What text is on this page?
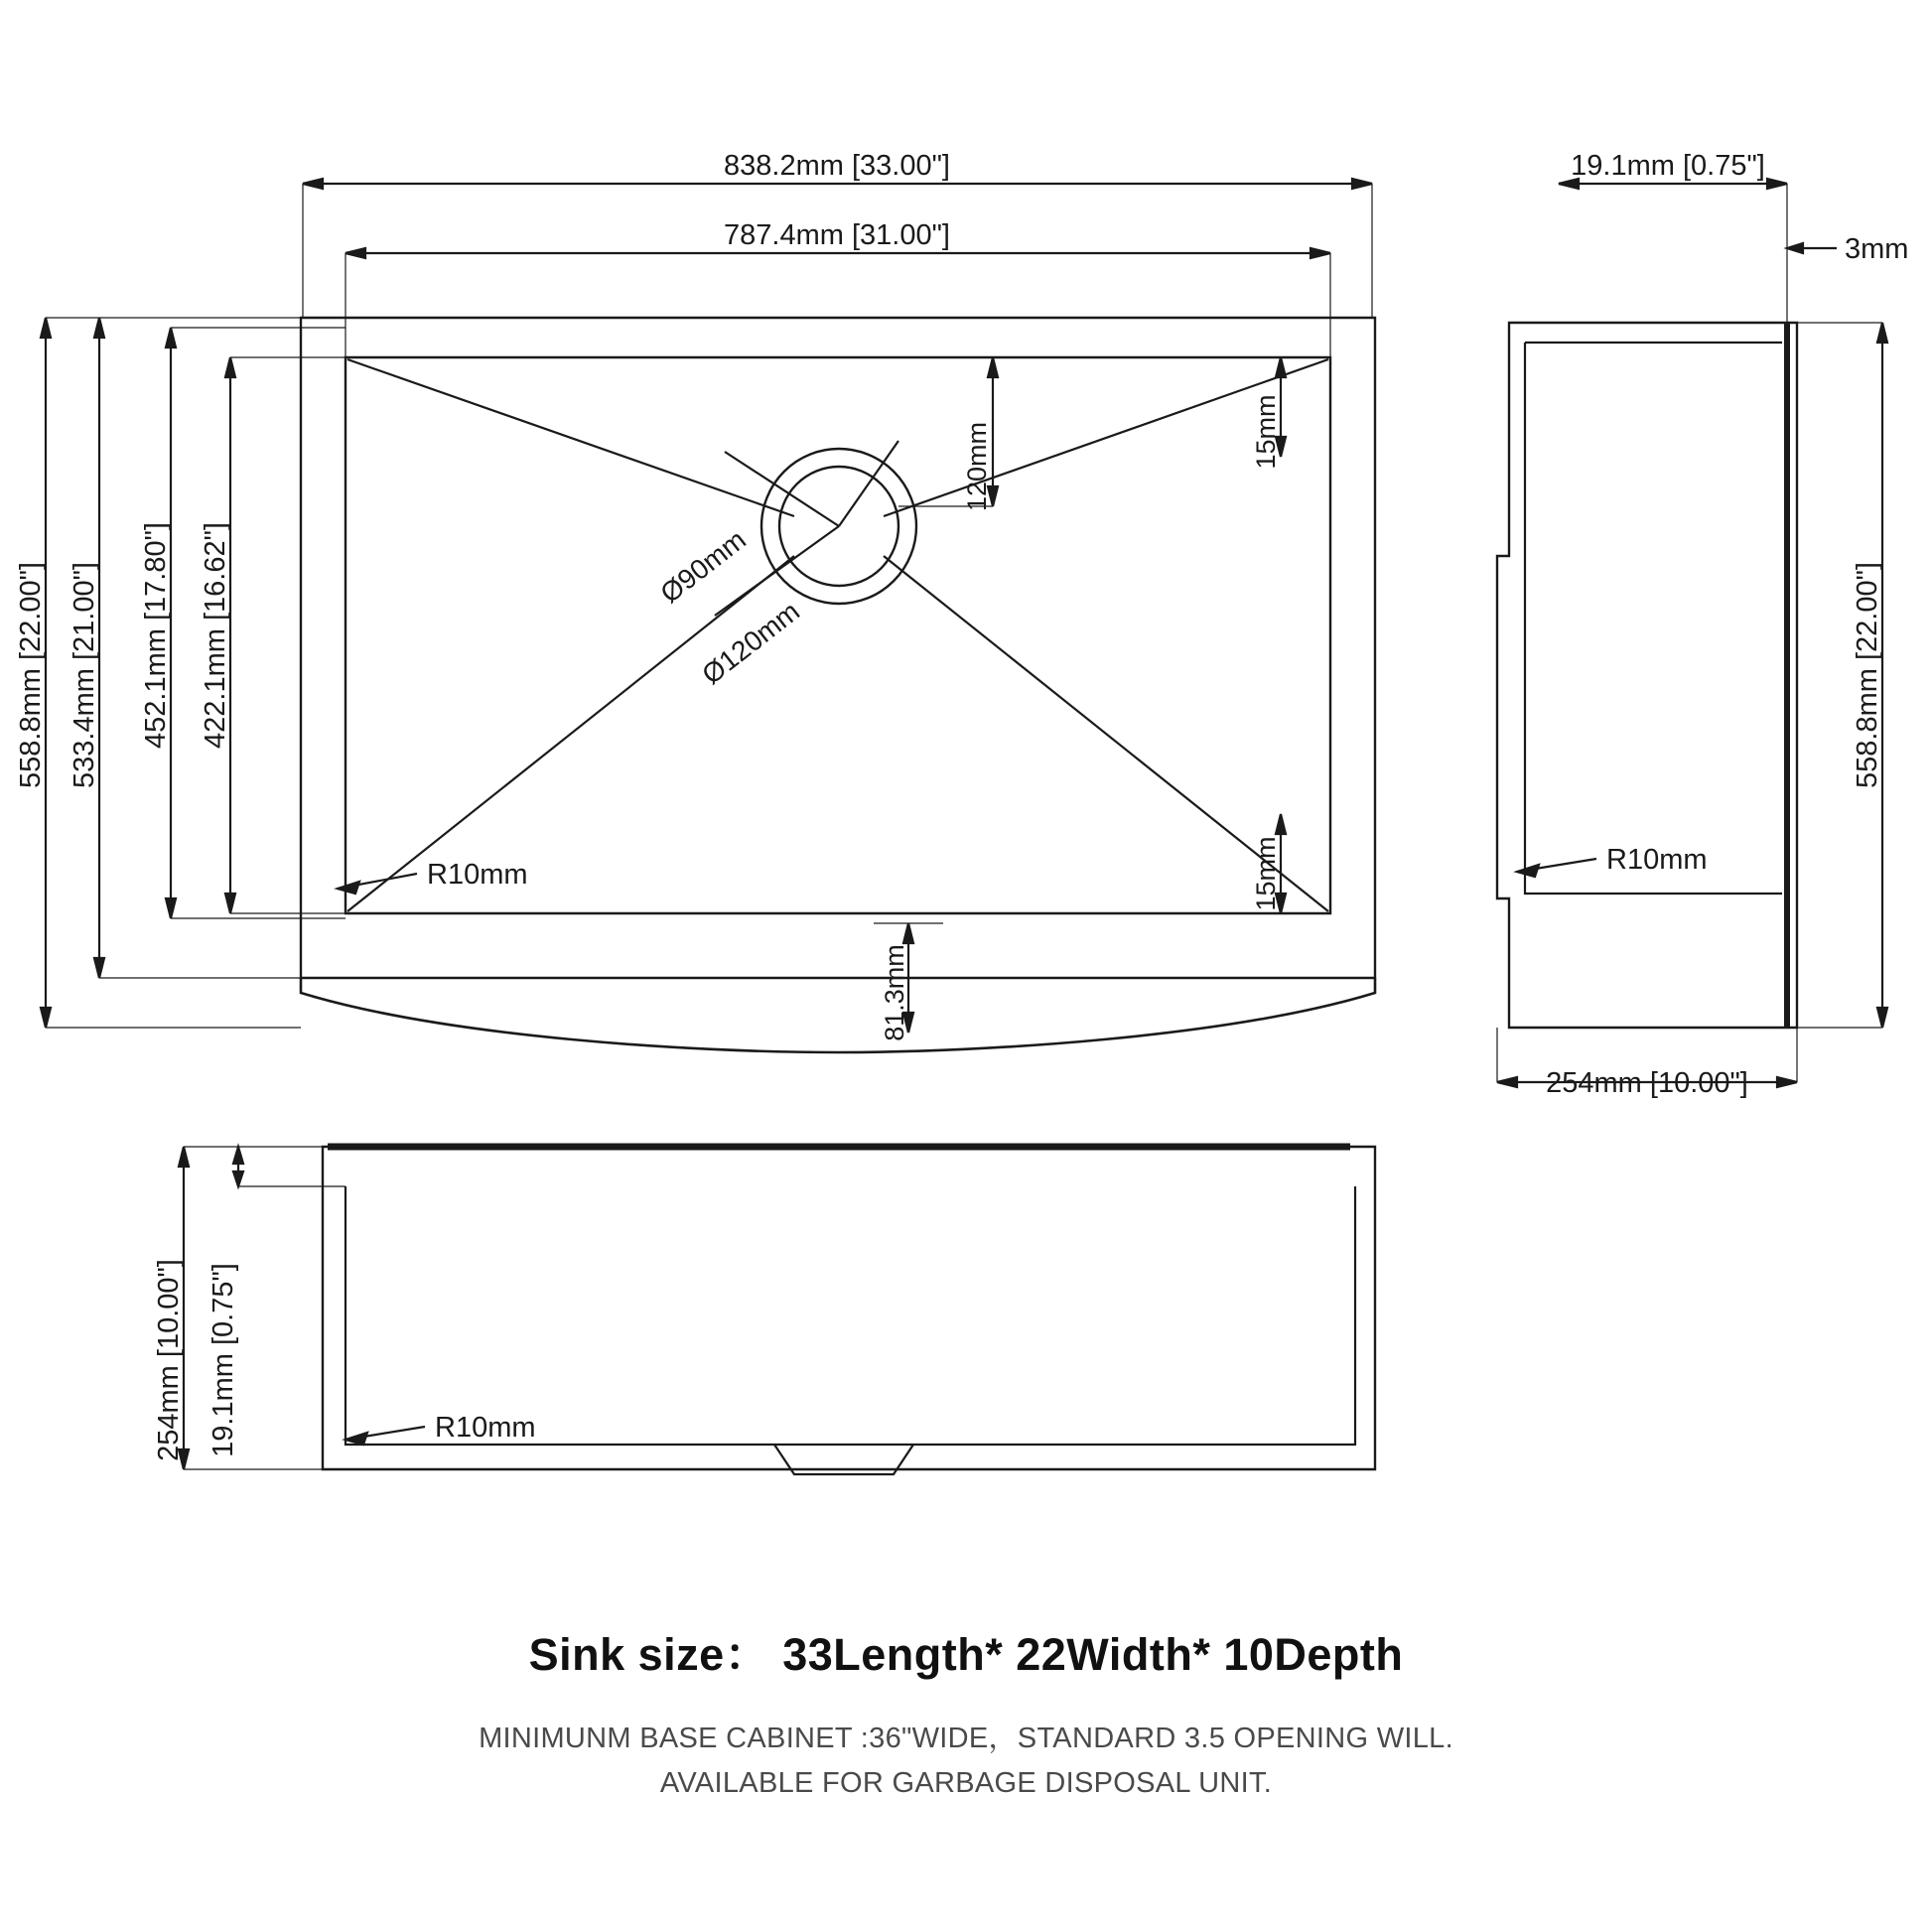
838.2mm [33.00"]
787.4mm [31.00"]
558.8mm [22.00"] 533.4mm [21.00"] 452.1mm [17.80"] 422.1mm [16.62"]
120mm	15mm
15mm
81.3mm
Ø90mm
Ø120mm
R10mm
19.1mm [0.75"]
3mm
558.8mm [22.00"]
254mm [10.00"]
R10mm
254mm [10.00"] 19.1mm [0.75"]	R10mm
Sink size： 33Length* 22Width* 10Depth
MINIMUNM BASE CABINET :36"WIDE，STANDARD 3.5 OPENING WILL.
AVAILABLE FOR GARBAGE DISPOSAL UNIT.
